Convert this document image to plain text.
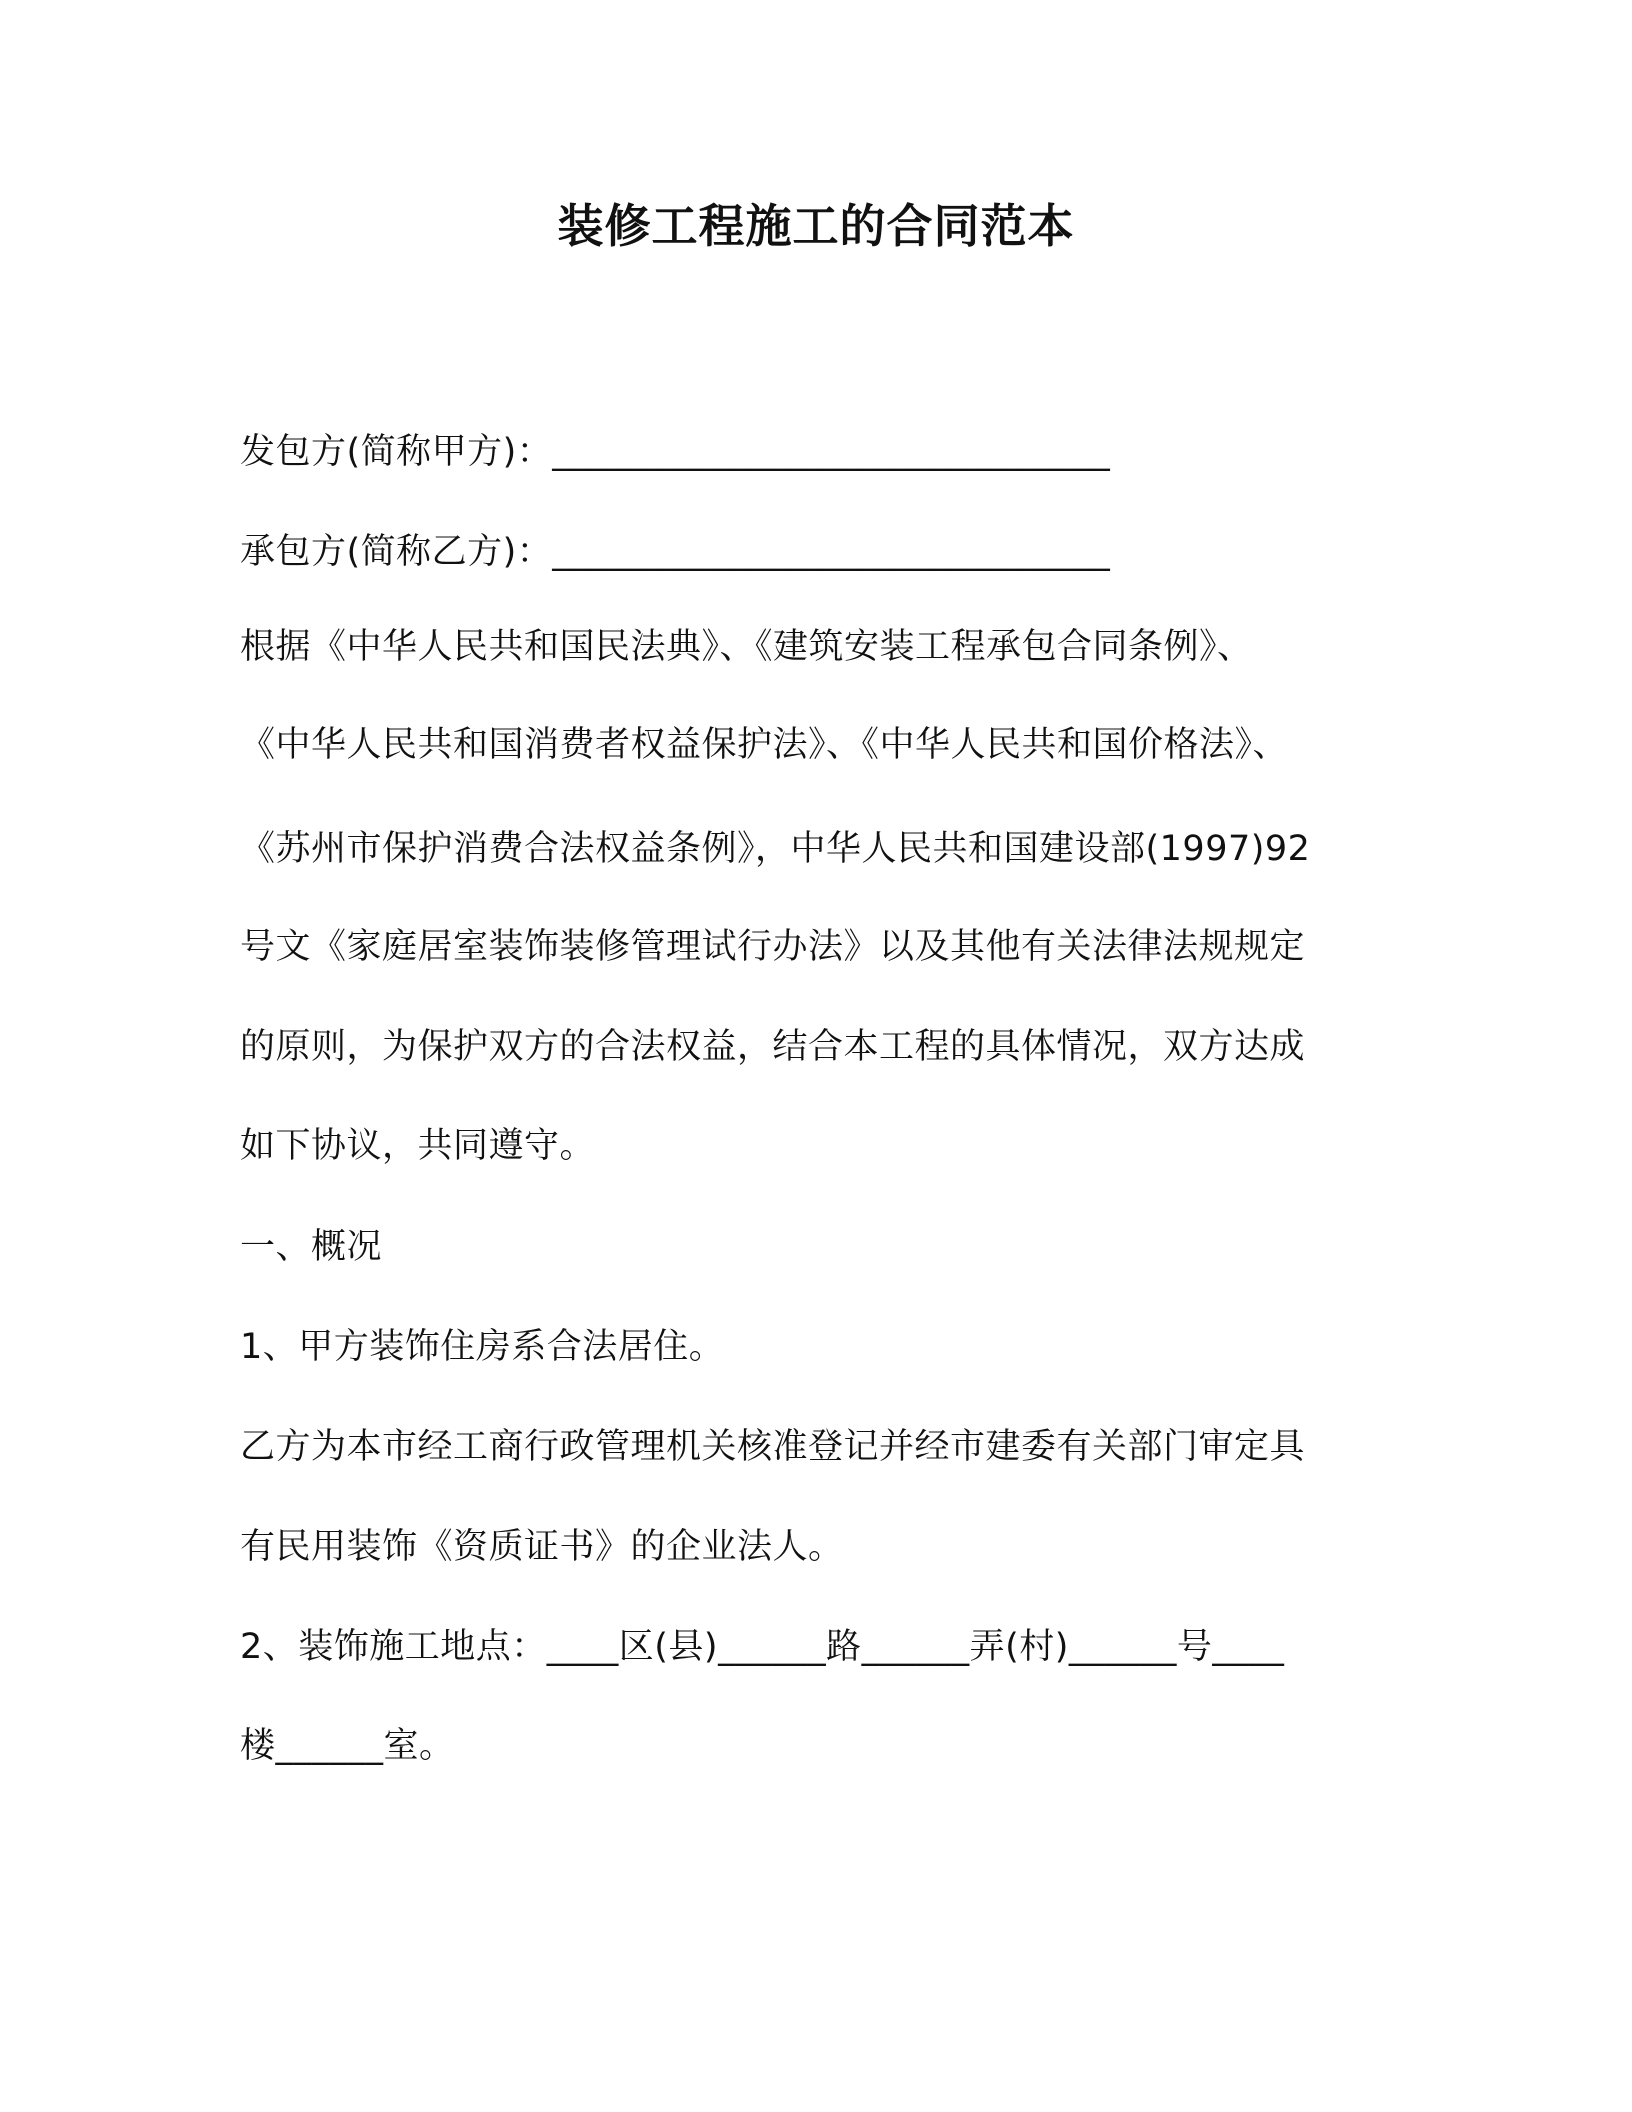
装修工程施工的合同范本
发包方(简称甲方)：_______________________________
承包方(简称乙方)：_______________________________
根据《中华人民共和国民法典》、《建筑安装工程承包合同条例》、
《中华人民共和国消费者权益保护法》、《中华人民共和国价格法》、
《苏州市保护消费合法权益条例》，中华人民共和国建设部(1997)92
号文《家庭居室装饰装修管理试行办法》以及其他有关法律法规规定
的原则，为保护双方的合法权益，结合本工程的具体情况，双方达成
如下协议，共同遵守。
一、概况
1、甲方装饰住房系合法居住。
乙方为本市经工商行政管理机关核准登记并经市建委有关部门审定具
有民用装饰《资质证书》的企业法人。
2、装饰施工地点：____区(县)______路______弄(村)______号____
楼______室。
